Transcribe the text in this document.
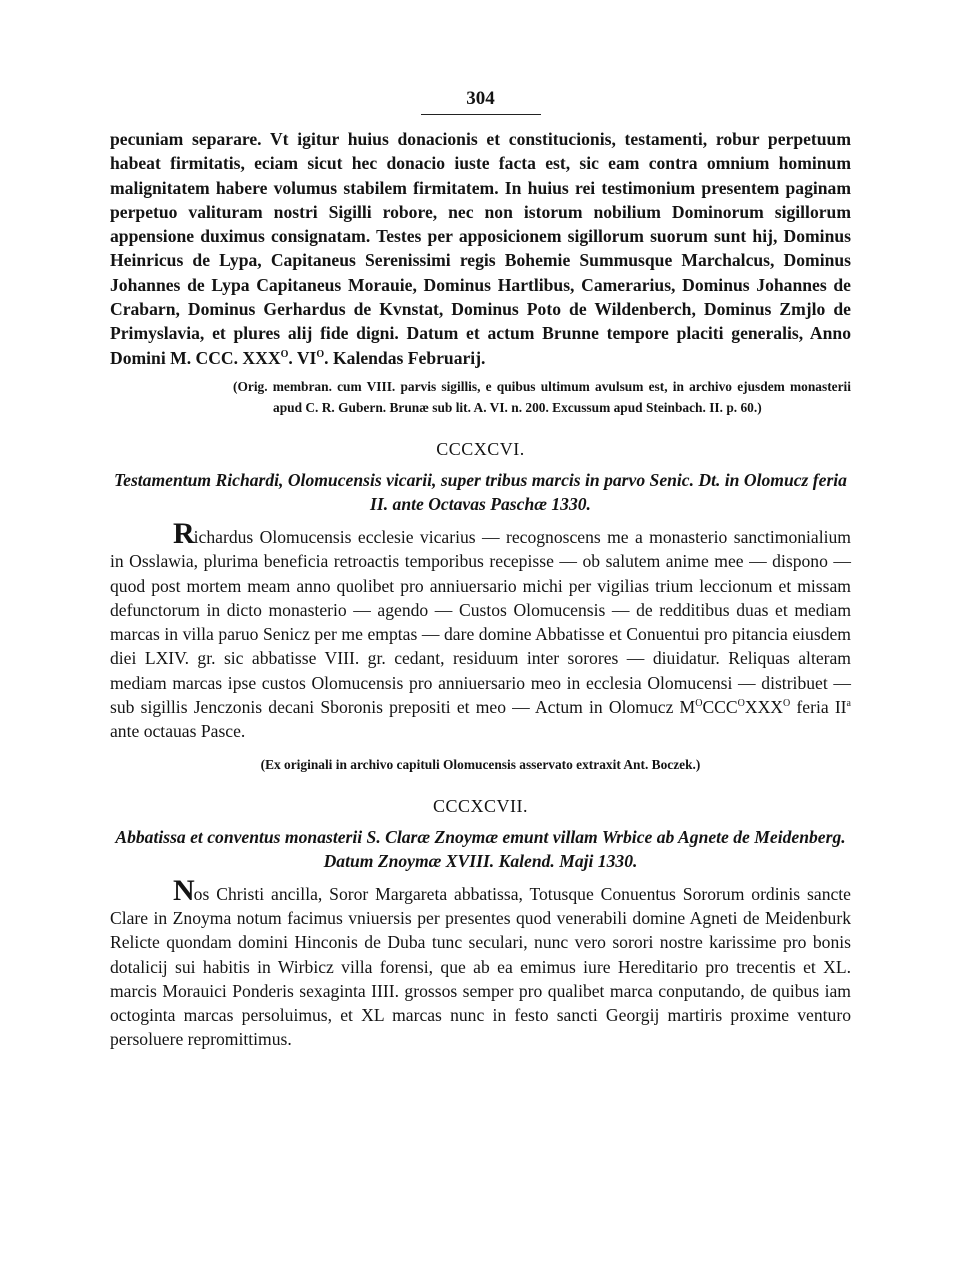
304

pecuniam separare. Vt igitur huius donacionis et constitucionis, testamenti, robur perpetuum habeat firmitatis, eciam sicut hec donacio iuste facta est, sic eam contra omnium hominum malignitatem habere volumus stabilem firmitatem. In huius rei testimonium presentem paginam perpetuo valituram nostri Sigilli robore, nec non istorum nobilium Dominorum sigillorum appensione duximus consignatam. Testes per apposicionem sigillorum suorum sunt hij, Dominus Heinricus de Lypa, Capitaneus Serenissimi regis Bohemie Summusque Marchalcus, Dominus Johannes de Lypa Capitaneus Morauie, Dominus Hartlibus, Camerarius, Dominus Johannes de Crabarn, Dominus Gerhardus de Kvnstat, Dominus Poto de Wildenberch, Dominus Zmjlo de Primyslavia, et plures alij fide digni. Datum et actum Brunne tempore placiti generalis, Anno Domini M. CCC. $XXX^O$. $VI^O$. Kalendas Februarij.

(Orig. membran. cum VIII. parvis sigillis, e quibus ultimum avulsum est, in archivo ejusdem monasterii apud C. R. Gubern. Brunæ sub lit. A. VI. n. 200. Excussum apud Steinbach. II. p. 60.)

CCCXCVI.
Testamentum Richardi, Olomucensis vicarii, super tribus marcis in parvo Senic. Dt. in Olomucz feria II. ante Octavas Paschæ 1330.

Richardus Olomucensis ecclesie vicarius — recognoscens me a monasterio sanctimonialium in Osslawia, plurima beneficia retroactis temporibus recepisse — ob salutem anime mee — dispono — quod post mortem meam anno quolibet pro anniuersario michi per vigilias trium leccionum et missam defunctorum in dicto monasterio — agendo — Custos Olomucensis — de redditibus duas et mediam marcas in villa paruo Senicz per me emptas — dare domine Abbatisse et Conuentui pro pitancia eiusdem diei LXIV. gr. sic abbatisse VIII. gr. cedant, residuum inter sorores — diuidatur. Reliquas alteram mediam marcas ipse custos Olomucensis pro anniuersario meo in ecclesia Olomucensi — distribuet — sub sigillis Jenczonis decani Sboronis prepositi et meo — Actum in Olomucz $M^OCCC^OXXX^O$ feria $II^a$ ante octauas Pasce.

(Ex originali in archivo capituli Olomucensis asservato extraxit Ant. Boczek.)

CCCXCVII.
Abbatissa et conventus monasterii S. Claræ Znoymæ emunt villam Wrbice ab Agnete de Meidenberg. Datum Znoymæ XVIII. Kalend. Maji 1330.

Nos Christi ancilla, Soror Margareta abbatissa, Totusque Conuentus Sororum ordinis sancte Clare in Znoyma notum facimus vniuersis per presentes quod venerabili domine Agneti de Meidenburk Relicte quondam domini Hinconis de Duba tunc seculari, nunc vero sorori nostre karissime pro bonis dotalicij sui habitis in Wirbicz villa forensi, que ab ea emimus iure Hereditario pro trecentis et XL. marcis Morauici Ponderis sexaginta IIII. grossos semper pro qualibet marca conputando, de quibus iam octoginta marcas persoluimus, et XL marcas nunc in festo sancti Georgij martiris proxime venturo persoluere repromittimus.
